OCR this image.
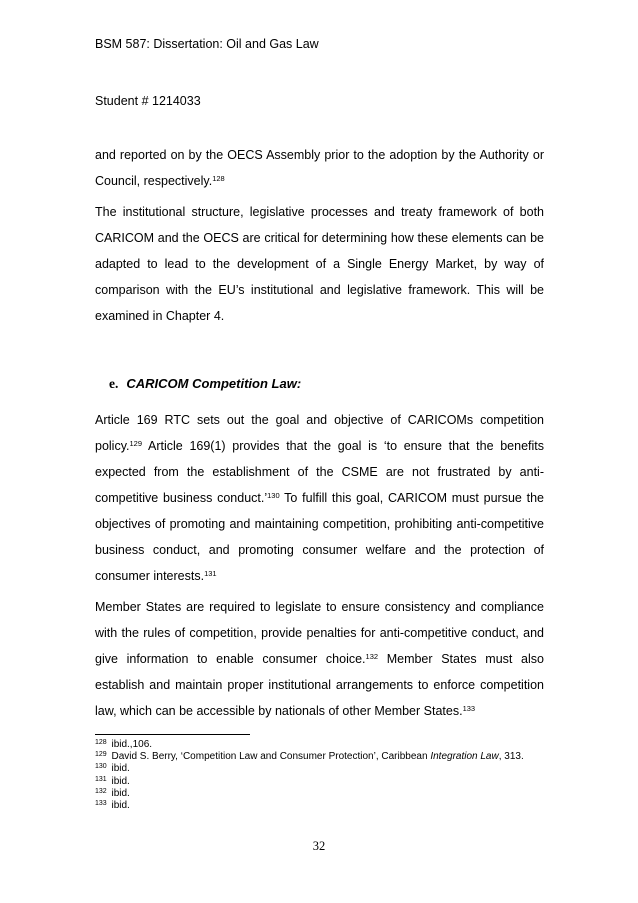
BSM 587: Dissertation: Oil and Gas Law
Student # 1214033

and reported on by the OECS Assembly prior to the adoption by the Authority or Council, respectively.$^{128}$

The institutional structure, legislative processes and treaty framework of both CARICOM and the OECS are critical for determining how these elements can be adapted to lead to the development of a Single Energy Market, by way of comparison with the EU’s institutional and legislative framework. This will be examined in Chapter 4.

e. CARICOM Competition Law:

Article 169 RTC sets out the goal and objective of CARICOMs competition policy.$^{129}$ Article 169(1) provides that the goal is ‘to ensure that the benefits expected from the establishment of the CSME are not frustrated by anti-competitive business conduct.’$^{130}$ To fulfill this goal, CARICOM must pursue the objectives of promoting and maintaining competition, prohibiting anti-competitive business conduct, and promoting consumer welfare and the protection of consumer interests.$^{131}$

Member States are required to legislate to ensure consistency and compliance with the rules of competition, provide penalties for anti-competitive conduct, and give information to enable consumer choice.$^{132}$ Member States must also establish and maintain proper institutional arrangements to enforce competition law, which can be accessible by nationals of other Member States.$^{133}$

$^{128}$ ibid.,106.

$^{129}$ David S. Berry, ‘Competition Law and Consumer Protection’, Caribbean Integration Law, 313.

$^{130}$ ibid.

$^{131}$ ibid.

$^{132}$ ibid.

$^{133}$ ibid.

32
